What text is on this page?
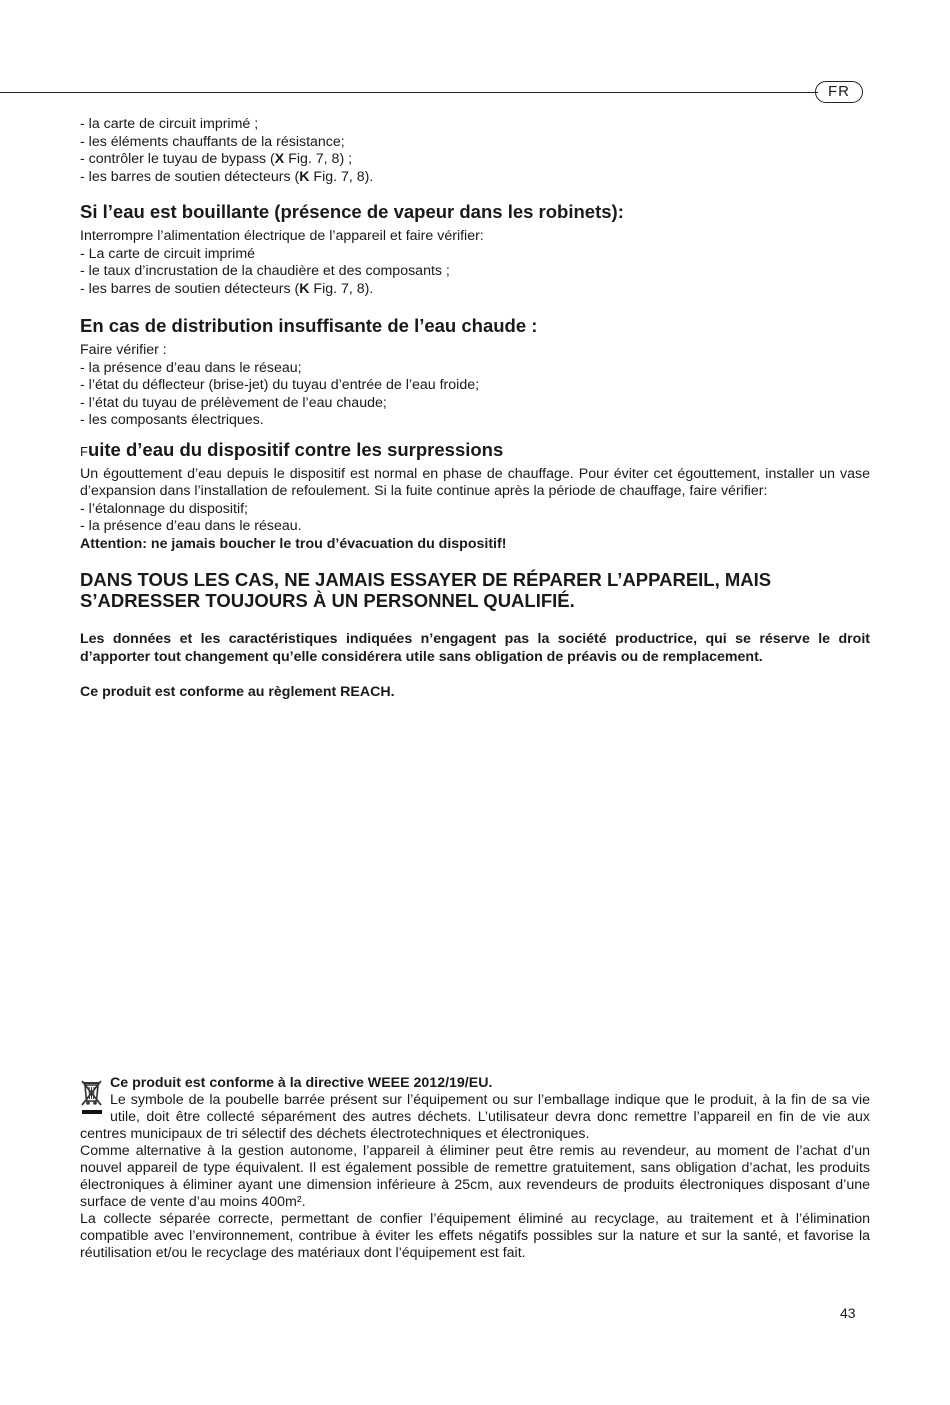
FR

- la carte de circuit imprimé ;

- les éléments chauffants de la résistance;

- contrôler le tuyau de bypass (X Fig. 7, 8) ;

- les barres de soutien détecteurs (K Fig. 7, 8).

Si l’eau est bouillante (présence de vapeur dans les robinets):

Interrompre l’alimentation électrique de l’appareil et faire vérifier:

- La carte de circuit imprimé

- le taux d’incrustation de la chaudière et des composants ;

- les barres de soutien détecteurs (K Fig. 7, 8).

En cas de distribution insuffisante de l’eau chaude :

Faire vérifier :

- la présence d’eau dans le réseau;

- l’état du déflecteur (brise-jet) du tuyau d’entrée de l’eau froide;

- l’état du tuyau de prélèvement de l’eau chaude;

- les composants électriques.

Fuite d’eau du dispositif contre les surpressions

Un égouttement d’eau depuis le dispositif est normal en phase de chauffage. Pour éviter cet égouttement, installer un vase d’expansion dans l’installation de refoulement. Si la fuite continue après la période de chauffage, faire vérifier:

- l’étalonnage du dispositif;

- la présence d’eau dans le réseau.

Attention: ne jamais boucher le trou d’évacuation du dispositif!

DANS TOUS LES CAS, NE JAMAIS ESSAYER DE RÉPARER L’APPAREIL, MAIS S’ADRESSER TOUJOURS À UN PERSONNEL QUALIFIÉ.

Les données et les caractéristiques indiquées n’engagent pas la société productrice, qui se réserve le droit d’apporter tout changement qu’elle considérera utile sans obligation de préavis ou de remplacement.

Ce produit est conforme au règlement REACH.

Ce produit est conforme à la directive WEEE 2012/19/EU.

Le symbole de la poubelle barrée présent sur l’équipement ou sur l’emballage indique que le produit, à la fin de sa vie utile, doit être collecté séparément des autres déchets. L’utilisateur devra donc remettre l’appareil en fin de vie aux centres municipaux de tri sélectif des déchets électrotechniques et électroniques.

Comme alternative à la gestion autonome, l’appareil à éliminer peut être remis au revendeur, au moment de l’achat d’un nouvel appareil de type équivalent. Il est également possible de remettre gratuitement, sans obligation d’achat, les produits électroniques à éliminer ayant une dimension inférieure à 25cm, aux revendeurs de produits électroniques disposant d’une surface de vente d’au moins 400m².

La collecte séparée correcte, permettant de confier l’équipement éliminé au recyclage, au traitement et à l’élimination compatible avec l’environnement, contribue à éviter les effets négatifs possibles sur la nature et sur la santé, et favorise la réutilisation et/ou le recyclage des matériaux dont l’équipement est fait.

43
